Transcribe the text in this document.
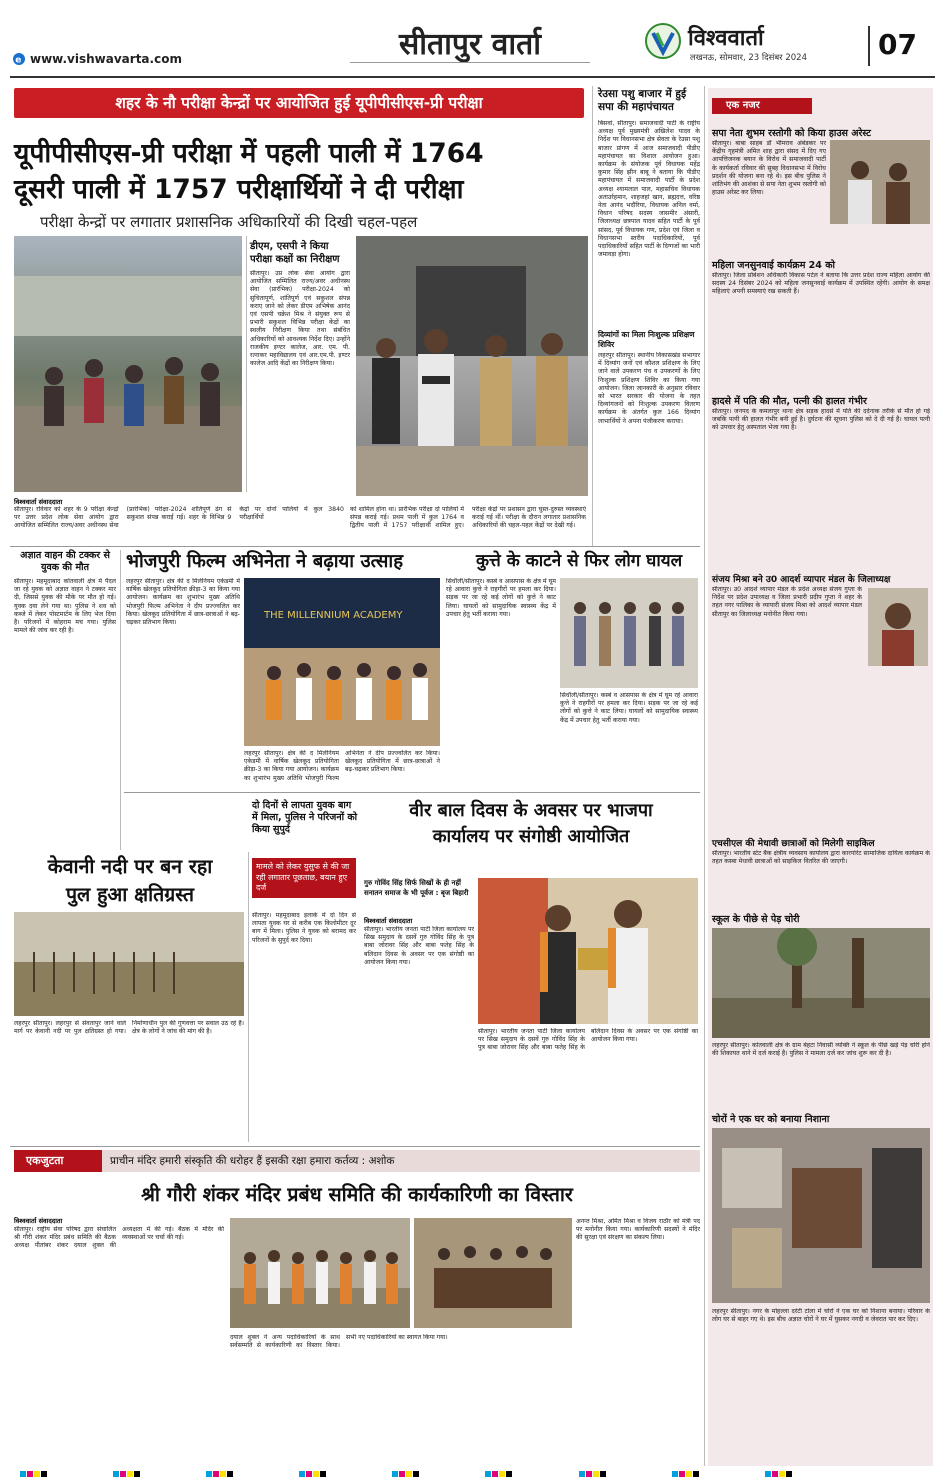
e www.vishwavarta.com	सीतापुर वार्ता	विश्ववार्ता
लखनऊ, सोमवार, 23 दिसंबर 2024	07
शहर के नौ परीक्षा केन्द्रों पर आयोजित हुई यूपीपीसीएस-प्री परीक्षा
यूपीपीसीएस-प्री परीक्षा में पहली पाली में 1764
दूसरी पाली में 1757 परीक्षार्थियों ने दी परीक्षा
परीक्षा केन्द्रों पर लगातार प्रशासनिक अधिकारियों की दिखी चहल-पहल
विश्ववार्ता संवाददाता
सीतापुर। रविवार को शहर के 9 परीक्षा केन्द्रों पर उत्तर प्रदेश लोक सेवा आयोग द्वारा आयोजित सम्मिलित राज्य/अवर अधीनस्थ सेवा (प्रारंभिक) परीक्षा-2024 शांतिपूर्ण ढंग से सकुशल संपन्न कराई गई। शहर के विभिन्न 9 केंद्रों पर दोनों पालियों में कुल 3840 परीक्षार्थियों
डीएम, एसपी ने किया परीक्षा कक्षों का निरीक्षण
सीतापुर। उप्र लोक सेवा आयोग द्वारा आयोजित सम्मिलित राज्य/अवर अधीनस्थ सेवा (प्रारंभिक) परीक्षा-2024 को सुचितापूर्ण, शांतिपूर्ण एवं सकुशल संपन्न कराए जाने को लेकर डीएम अभिषेक आनंद एवं एसपी चक्रेश मिश्र ने संयुक्त रूप से प्रभारी सकुशल विभिन्न परीक्षा केंद्रों का स्थलीय निरीक्षण किया तथा संबंधित अधिकारियों को आवश्यक निर्देश दिए। उन्होंने राजकीय इण्टर कालेज, आर. एम. पी. रत्नाकर महाविद्यालय एवं आर.एम.पी. इण्टर कालेज आदि केंद्रों का निरीक्षण किया।
को शामिल होना था। प्रारंभिक परीक्षा दो पालियों में संपन्न कराई गई। प्रथम पाली में कुल 1764 व द्वितीय पाली में 1757 परीक्षार्थी शामिल हुए। परीक्षा केंद्रों पर प्रशासन द्वारा चुस्त-दुरुस्त व्यवस्थाएं कराई गई थीं। परीक्षा के दौरान लगातार प्रशासनिक अधिकारियों की चहल-पहल केंद्रों पर देखी गई।
रेउसा पशु बाजार में हुई सपा की महापंचायत
बिसवां, सीतापुर। समाजवादी पार्टी के राष्ट्रीय अध्यक्ष पूर्व मुख्यमंत्री अखिलेश यादव के निर्देश पर विधानसभा क्षेत्र सेवता के रेउसा पशु बाजार प्रांगण में आज समाजवादी पीडीए महापंचायत का विशाल आयोजन हुआ। कार्यक्रम के संयोजक पूर्व विधायक महेंद्र कुमार सिंह झीन बाबू ने बताया कि पीडीए महापंचायत में समाजवादी पार्टी के प्रदेश अध्यक्ष श्यामलाल पाल, महासचिव विधायक अताउर्रहमान, शाहजहां खान, ब्रह्मदत्त, वरिष्ठ नेता आनंद भदौरिया, विधायक अनिल वर्मा, विधान परिषद सदस्य जासमीर अंसारी, जिलाध्यक्ष छत्रपाल यादव सहित पार्टी के पूर्व सांसद, पूर्व विधायक गण, प्रदेश एवं जिला व विधानसभा स्तरीय पदाधिकारियों, पूर्व पदाधिकारियों सहित पार्टी के दिग्गजों का भारी जमावड़ा होगा।
दिव्यांगों का मिला निःशुल्क प्रशिक्षण शिविर
लहरपुर सीतापुर। स्थानीय विकासखंड सभागार में दिव्यांग जनों एवं कौशल प्रशिक्षण के लिए जाने वाले उपकरण पंच व उपकरणों के लिए निःशुल्क प्रशिक्षण शिविर का किया गया आयोजन। जिला जानकारी के अनुसार रविवार को भारत सरकार की योजना के तहत दिव्यांगजनों को निःशुल्क उपकरण वितरण कार्यक्रम के अंतर्गत कुल 166 दिव्यांग लाभार्थियों ने अपना पंजीकरण कराया।
एक नजर
सपा नेता शुभम रस्तोगी को किया हाउस अरेस्ट
सीतापुर। बाबा साहब डॉ भीमराव अंबेडकर पर केंद्रीय गृहमंत्री अमित शाह द्वारा संसद में दिए गए आपत्तिजनक बयान के विरोध में समाजवादी पार्टी के कार्यकर्ता रविवार की सुबह विधानसभा में विरोध प्रदर्शन की योजना बना रहे थे। इस बीच पुलिस ने शांतिभंग की आशंका से सपा नेता शुभम रस्तोगी को हाउस अरेस्ट कर लिया।
महिला जनसुनवाई कार्यक्रम 24 को
सीतापुर। जिला प्रोबेशन अधिकारी विकास पटेल ने बताया कि उत्तर प्रदेश राज्य महिला आयोग की सदस्य 24 दिसंबर 2024 को महिला जनसुनवाई कार्यक्रम में उपस्थित रहेंगी। आयोग के समक्ष महिलाएं अपनी समस्याएं रख सकती हैं।
हादसे में पति की मौत, पत्नी की हालत गंभीर
सीतापुर। जनपद के कमलापुर थाना क्षेत्र सड़क हादसे में पति की दर्दनाक तरीके से मौत हो गई जबकि पत्नी की हालत गंभीर बनी हुई है। दुर्घटना की सूचना पुलिस को दे दी गई है। घायल पत्नी को उपचार हेतु अस्पताल भेजा गया है।
संजय मिश्रा बने उ0 आदर्श व्यापार मंडल के जिलाध्यक्ष
सीतापुर। उ0 आदर्श व्यापार मंडल के प्रदेश अध्यक्ष संजय गुप्ता के निर्देश पर प्रदेश उपाध्यक्ष व जिला प्रभारी प्रदीप गुप्ता ने शहर के तहत नगर पालिका के व्यापारी संजय मिश्रा को आदर्श व्यापार मंडल सीतापुर का जिलाध्यक्ष मनोनीत किया गया।
एचसीएल की मेधावी छात्राओं को मिलेगी साइकिल
सीतापुर। भारतीय स्टेट बैंक क्षेत्रीय व्यवसाय कार्यालय द्वारा कारपोरेट सामाजिक दायित्व कार्यक्रम के तहत कस्बा मेधावी छात्राओं को साइकिल वितरित की जाएगी।
स्कूल के पीछे से पेड़ चोरी
लहरपुर सीतापुर। कोतवाली क्षेत्र के ग्राम बेहटा निवासी व्यक्ति ने स्कूल के पीछे खड़े पेड़ चोरी होने की शिकायत थाने में दर्ज कराई है। पुलिस ने मामला दर्ज कर जांच शुरू कर दी है।
चोरों ने एक घर को बनाया निशाना
लहरपुर सीतापुर। नगर के मोहल्ला दरेटी टोला में चोरों ने एक घर को निशाना बनाया। परिवार के लोग घर से बाहर गए थे। इस बीच अज्ञात चोरों ने घर में घुसकर नगदी व जेवरात पार कर दिए।
अज्ञात वाहन की टक्कर से युवक की मौत
सीतापुर। महमूदाबाद कोतवाली क्षेत्र में पैदल जा रहे युवक को अज्ञात वाहन ने टक्कर मार दी, जिससे युवक की मौके पर मौत हो गई। युवक दवा लेने गया था। पुलिस ने शव को कब्जे में लेकर पोस्टमार्टम के लिए भेज दिया है। परिजनों में कोहराम मच गया। पुलिस मामले की जांच कर रही है।
भोजपुरी फिल्म अभिनेता ने बढ़ाया उत्साह
लहरपुर सीतापुर। क्षेत्र की द मिलेनियम एकेडमी में वार्षिक खेलकूद प्रतियोगिता क्रीड़ा-3 का किया गया आयोजन। कार्यक्रम का शुभारंभ मुख्य अतिथि भोजपुरी फिल्म अभिनेता ने दीप प्रज्ज्वलित कर किया। खेलकूद प्रतियोगिता में छात्र-छात्राओं ने बढ़-चढ़कर प्रतिभाग किया।
THE MILLENNIUM ACADEMY
लहरपुर सीतापुर। क्षेत्र की द मिलेनियम एकेडमी में वार्षिक खेलकूद प्रतियोगिता क्रीड़ा-3 का किया गया आयोजन। कार्यक्रम का शुभारंभ मुख्य अतिथि भोजपुरी फिल्म अभिनेता ने दीप प्रज्ज्वलित कर किया। खेलकूद प्रतियोगिता में छात्र-छात्राओं ने बढ़-चढ़कर प्रतिभाग किया।
कुत्ते के काटने से फिर लोग घायल
सिधौली/सीतापुर। कस्बे व आसपास के क्षेत्र में घूम रहे आवारा कुत्ते ने राहगीरों पर हमला कर दिया। सड़क पर जा रहे कई लोगों को कुत्ते ने काट लिया। घायलों को सामुदायिक स्वास्थ्य केंद्र में उपचार हेतु भर्ती कराया गया।
सिधौली/सीतापुर। कस्बे व आसपास के क्षेत्र में घूम रहे आवारा कुत्ते ने राहगीरों पर हमला कर दिया। सड़क पर जा रहे कई लोगों को कुत्ते ने काट लिया। घायलों को सामुदायिक स्वास्थ्य केंद्र में उपचार हेतु भर्ती कराया गया।
केवानी नदी पर बन रहा
पुल हुआ क्षतिग्रस्त
लहरपुर सीतापुर। लहरपुर से सेवतापुर जाने वाले मार्ग पर केवानी नदी पर पुल क्षतिग्रस्त हो गया। निर्माणाधीन पुल की गुणवत्ता पर सवाल उठ रहे हैं। क्षेत्र के लोगों ने जांच की मांग की है।
दो दिनों से लापता युवक बाग में मिला, पुलिस ने परिजनों को किया सुपुर्द
मामले को लेकर युसुफ से की जा रही लगातार पूछताछ, बयान हुए दर्ज
सीतापुर। महमूदाबाद इलाके में दो दिन से लापता युवक घर से करीब एक किलोमीटर दूर बाग में मिला। पुलिस ने युवक को बरामद कर परिजनों के सुपुर्द कर दिया।
वीर बाल दिवस के अवसर पर भाजपा
कार्यालय पर संगोष्ठी आयोजित
गुरु गोविंद सिंह सिर्फ सिखों के ही नहीं सनातन समाज के भी पूर्वज : बृज बिहारी
विश्ववार्ता संवाददाता
सीतापुर। भारतीय जनता पार्टी जिला कार्यालय पर सिख समुदाय के दसवें गुरु गोविंद सिंह के पुत्र बाबा जोरावर सिंह और बाबा फतेह सिंह के बलिदान दिवस के अवसर पर एक संगोष्ठी का आयोजन किया गया।
सीतापुर। भारतीय जनता पार्टी जिला कार्यालय पर सिख समुदाय के दसवें गुरु गोविंद सिंह के पुत्र बाबा जोरावर सिंह और बाबा फतेह सिंह के बलिदान दिवस के अवसर पर एक संगोष्ठी का आयोजन किया गया।
एकजुटता	प्राचीन मंदिर हमारी संस्कृति की धरोहर हैं इसकी रक्षा हमारा कर्तव्य : अशोक
श्री गौरी शंकर मंदिर प्रबंध समिति की कार्यकारिणी का विस्तार
विश्ववार्ता संवाददाता
सीतापुर। राष्ट्रीय सेवा परिषद द्वारा संचालित श्री गौरी शंकर मंदिर प्रबंध समिति की बैठक अध्यक्ष पीतांबर शंकर दयाल शुक्ल की अध्यक्षता में की गई। बैठक में मंदिर की व्यवस्थाओं पर चर्चा की गई।
दयाल शुक्ल ने अन्य पदाधिकारियों के साथ सर्वसम्मति से कार्यकारिणी का विस्तार किया। सभी नए पदाधिकारियों का स्वागत किया गया।
अनन्त मिश्रा, अमित मिश्रा व विजय राठौर को मंत्री पद पर मनोनीत किया गया। कार्यकारिणी सदस्यों ने मंदिर की सुरक्षा एवं संरक्षण का संकल्प लिया।
